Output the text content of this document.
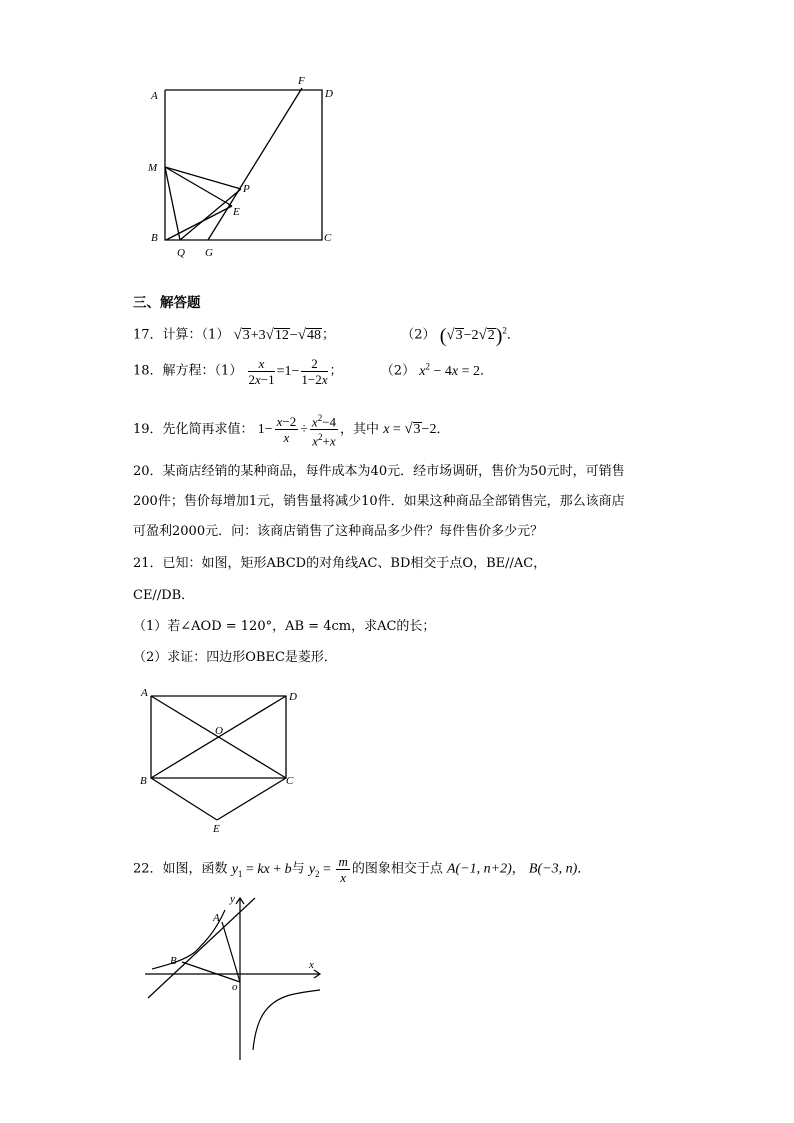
A	D
F
M
P
E
B	C
Q G
三、解答题
17．计算：（1） √3+3√12−√48；	（2） $(√3-2√2)^2$．
18．解方程：$(1) \frac{x}{2x-1} =1- \frac{2}{1-2x}$ ；	（2） $x^2 - 4x = 2$．
19．先化简再求值： $1- \frac{x-2}{x} \div \frac{x^2-4}{x^2+x}$ ，其中 x = √3−2．
20．某商店经销的某种商品，每件成本为40元．经市场调研，售价为50元时，可销售
200件；售价每增加1元，销售量将减少10件．如果这种商品全部销售完，那么该商店
可盈利2000元．问：该商店销售了这种商品多少件？每件售价多少元？
21．已知：如图，矩形ABCD的对角线AC、BD相交于点O，BE//AC，
CE//DB．
（1）若∠AOD = 120°，AB = 4cm，求AC的长；
（2）求证：四边形OBEC是菱形．
A	D
O
B	C
E
22．如图，函数 $y_1$ = kx + b与 $y_2 = \frac{m}{x}$ 的图象相交于点 A(−1, n+2)， B(−3, n)．
y
A
B	x
o
